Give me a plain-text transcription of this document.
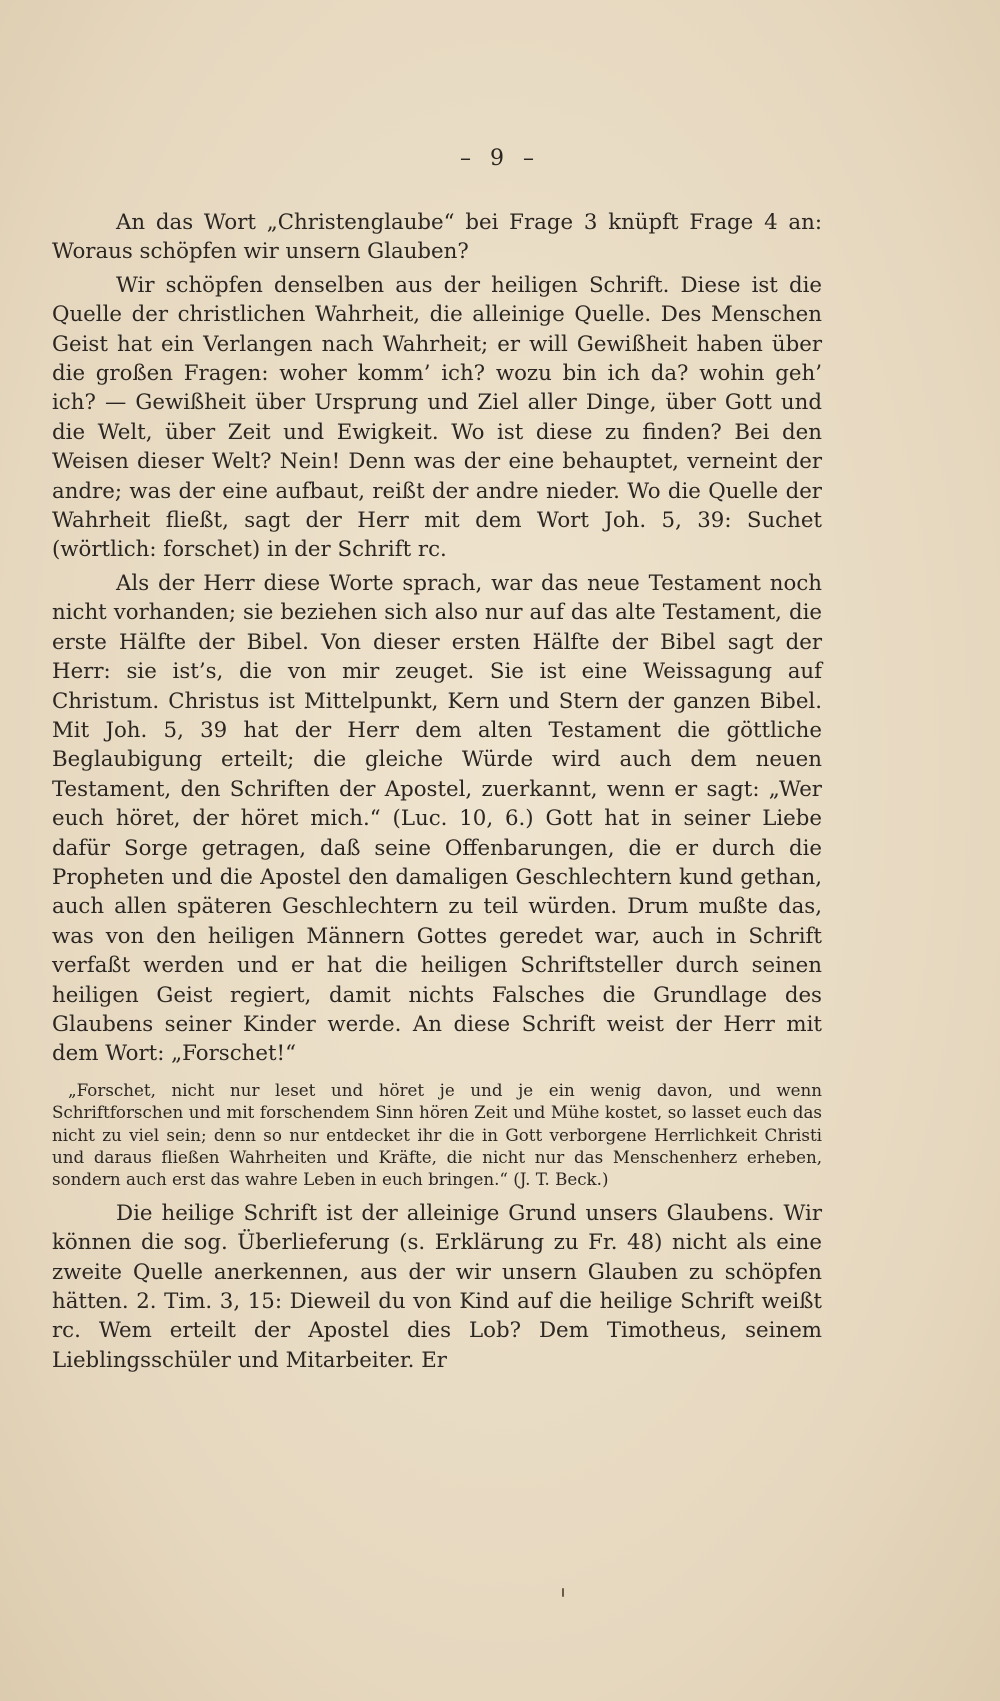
– 9 –

An das Wort „Christenglaube“ bei Frage 3 knüpft Frage 4 an: Woraus schöpfen wir unsern Glauben?

Wir schöpfen denselben aus der heiligen Schrift. Diese ist die Quelle der christlichen Wahrheit, die alleinige Quelle. Des Menschen Geist hat ein Verlangen nach Wahrheit; er will Gewißheit haben über die großen Fragen: woher komm’ ich? wozu bin ich da? wohin geh’ ich? — Gewißheit über Ursprung und Ziel aller Dinge, über Gott und die Welt, über Zeit und Ewigkeit. Wo ist diese zu finden? Bei den Weisen dieser Welt? Nein! Denn was der eine behauptet, verneint der andre; was der eine aufbaut, reißt der andre nieder. Wo die Quelle der Wahrheit fließt, sagt der Herr mit dem Wort Joh. 5, 39: Suchet (wörtlich: forschet) in der Schrift rc.

Als der Herr diese Worte sprach, war das neue Testament noch nicht vorhanden; sie beziehen sich also nur auf das alte Testament, die erste Hälfte der Bibel. Von dieser ersten Hälfte der Bibel sagt der Herr: sie ist’s, die von mir zeuget. Sie ist eine Weissagung auf Christum. Christus ist Mittelpunkt, Kern und Stern der ganzen Bibel. Mit Joh. 5, 39 hat der Herr dem alten Testament die göttliche Beglaubigung erteilt; die gleiche Würde wird auch dem neuen Testament, den Schriften der Apostel, zuerkannt, wenn er sagt: „Wer euch höret, der höret mich.“ (Luc. 10, 6.) Gott hat in seiner Liebe dafür Sorge getragen, daß seine Offenbarungen, die er durch die Propheten und die Apostel den damaligen Geschlechtern kund gethan, auch allen späteren Geschlechtern zu teil würden. Drum mußte das, was von den heiligen Männern Gottes geredet war, auch in Schrift verfaßt werden und er hat die heiligen Schriftsteller durch seinen heiligen Geist regiert, damit nichts Falsches die Grundlage des Glaubens seiner Kinder werde. An diese Schrift weist der Herr mit dem Wort: „Forschet!“

„Forschet, nicht nur leset und höret je und je ein wenig davon, und wenn Schriftforschen und mit forschendem Sinn hören Zeit und Mühe kostet, so lasset euch das nicht zu viel sein; denn so nur entdecket ihr die in Gott verborgene Herrlichkeit Christi und daraus fließen Wahrheiten und Kräfte, die nicht nur das Menschenherz erheben, sondern auch erst das wahre Leben in euch bringen.“ (J. T. Beck.)

Die heilige Schrift ist der alleinige Grund unsers Glaubens. Wir können die sog. Überlieferung (s. Erklärung zu Fr. 48) nicht als eine zweite Quelle anerkennen, aus der wir unsern Glauben zu schöpfen hätten. 2. Tim. 3, 15: Dieweil du von Kind auf die heilige Schrift weißt rc. Wem erteilt der Apostel dies Lob? Dem Timotheus, seinem Lieblingsschüler und Mitarbeiter. Er
